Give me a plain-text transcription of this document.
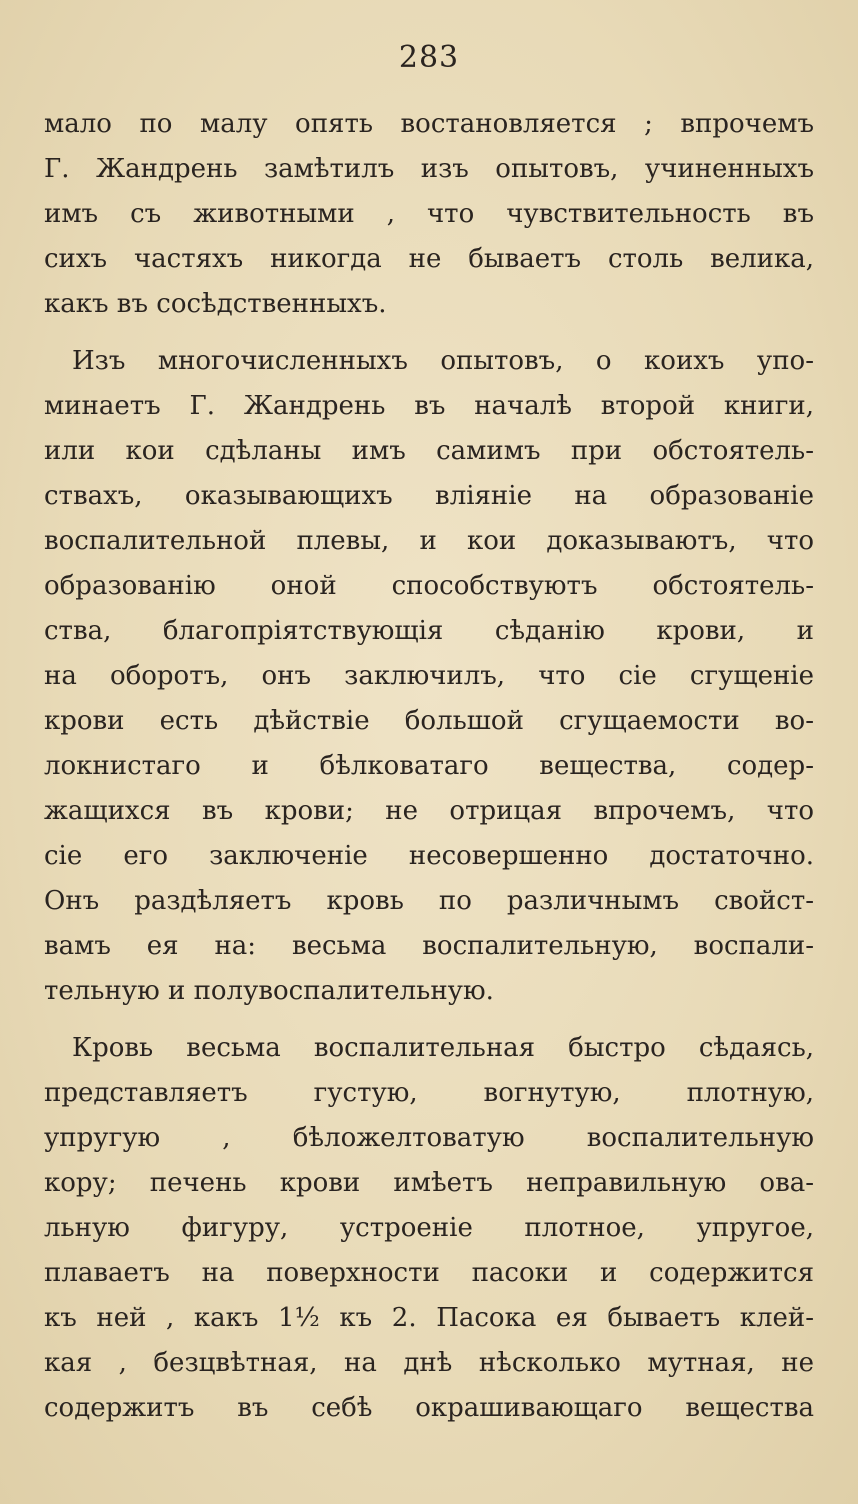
283
мало по малу опять востановляется ; впрочемъ
Г. Жандрень замѣтилъ изъ опытовъ, учиненныхъ
имъ съ животными , что чувствительность въ
сихъ частяхъ никогда не бываетъ столь велика,
какъ въ сосѣдственныхъ.
Изъ многочисленныхъ опытовъ, о коихъ упо-
минаетъ Г. Жандрень въ началѣ второй книги,
или кои сдѣланы имъ самимъ при обстоятель-
ствахъ, оказывающихъ вліяніе на образованіе
воспалительной плевы, и кои доказываютъ, что
образованію оной способствуютъ обстоятель-
ства, благопріятствующія сѣданію крови, и
на оборотъ, онъ заключилъ, что сіе сгущеніе
крови есть дѣйствіе большой сгущаемости во-
локнистаго и бѣлковатаго вещества, содер-
жащихся въ крови; не отрицая впрочемъ, что
сіе его заключеніе несовершенно достаточно.
Онъ раздѣляетъ кровь по различнымъ свойст-
вамъ ея на: весьма воспалительную, воспали-
тельную и полувоспалительную.
Кровь весьма воспалительная быстро сѣдаясь,
представляетъ густую, вогнутую, плотную,
упругую , бѣложелтоватую воспалительную
кору; печень крови имѣетъ неправильную ова-
льную фигуру, устроеніе плотное, упругое,
плаваетъ на поверхности пасоки и содержится
къ ней , какъ 1½ къ 2. Пасока ея бываетъ клей-
кая , безцвѣтная, на днѣ нѣсколько мутная, не
содержитъ въ себѣ окрашивающаго вещества
